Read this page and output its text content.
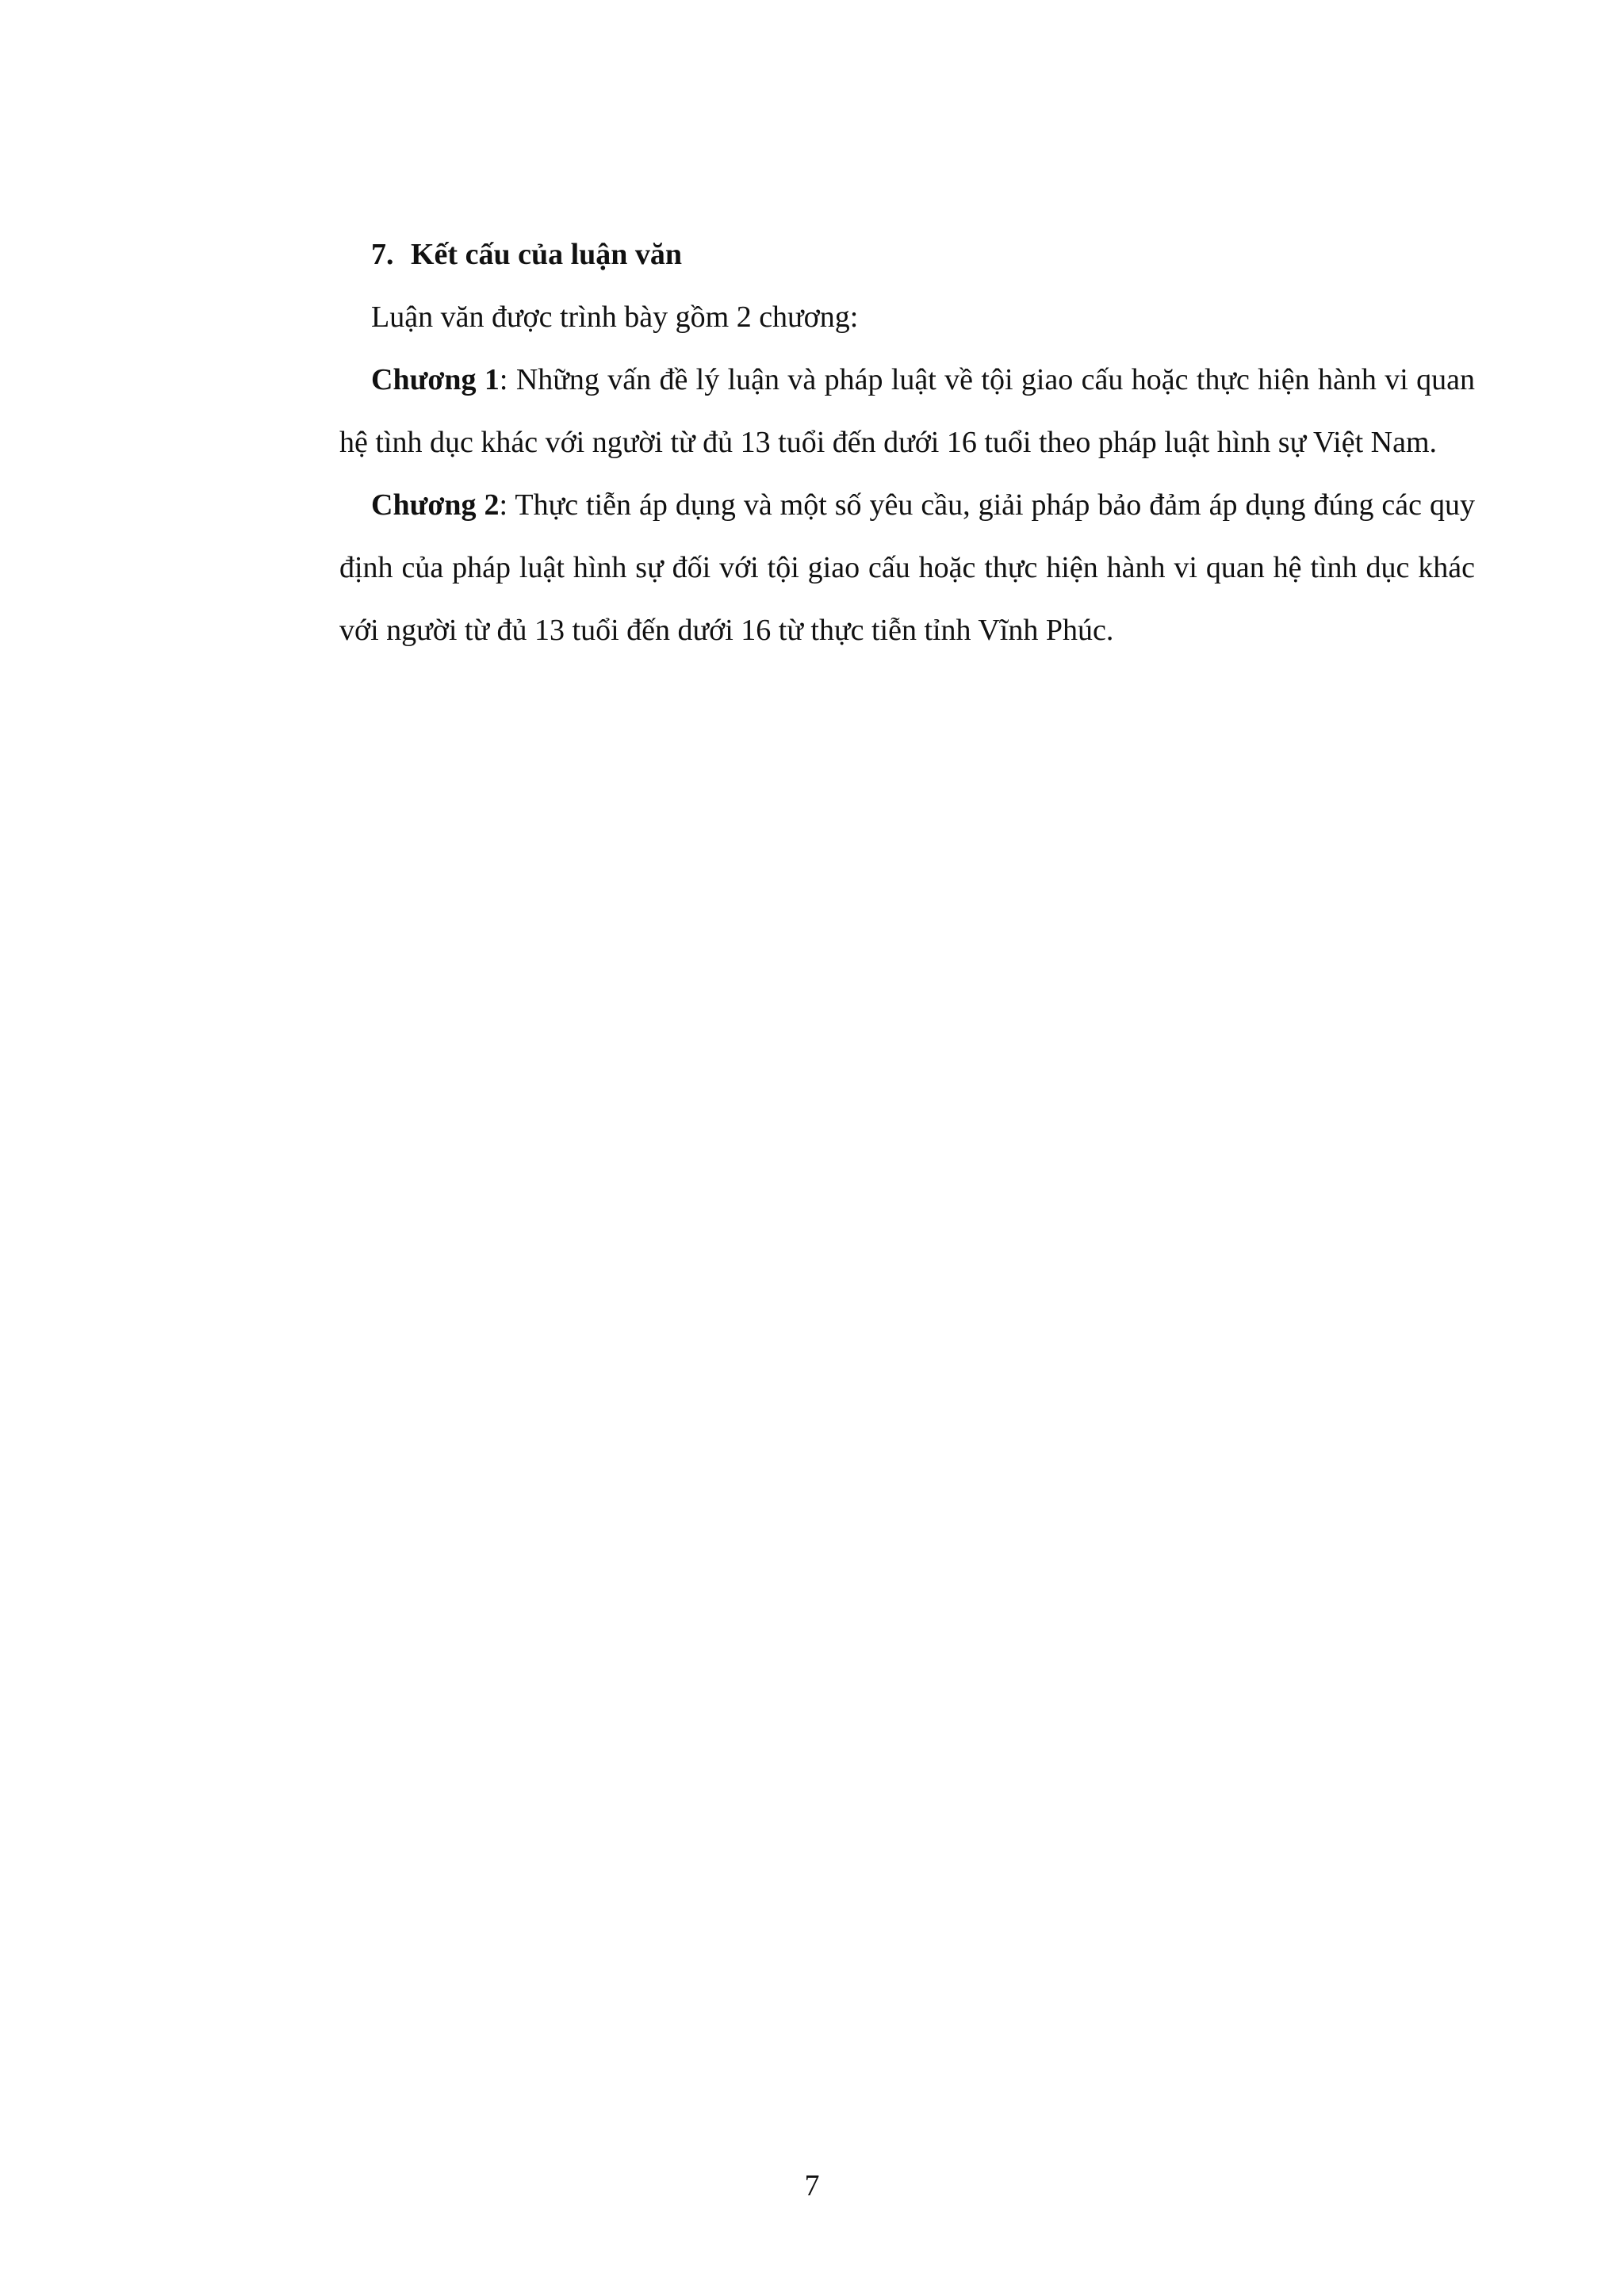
7. Kết cấu của luận văn

Luận văn được trình bày gồm 2 chương:

Chương 1: Những vấn đề lý luận và pháp luật về tội giao cấu hoặc thực hiện hành vi quan hệ tình dục khác với người từ đủ 13 tuổi đến dưới 16 tuổi theo pháp luật hình sự Việt Nam.

Chương 2: Thực tiễn áp dụng và một số yêu cầu, giải pháp bảo đảm áp dụng đúng các quy định của pháp luật hình sự đối với tội giao cấu hoặc thực hiện hành vi quan hệ tình dục khác với người từ đủ 13 tuổi đến dưới 16 từ thực tiễn tỉnh Vĩnh Phúc.

7
